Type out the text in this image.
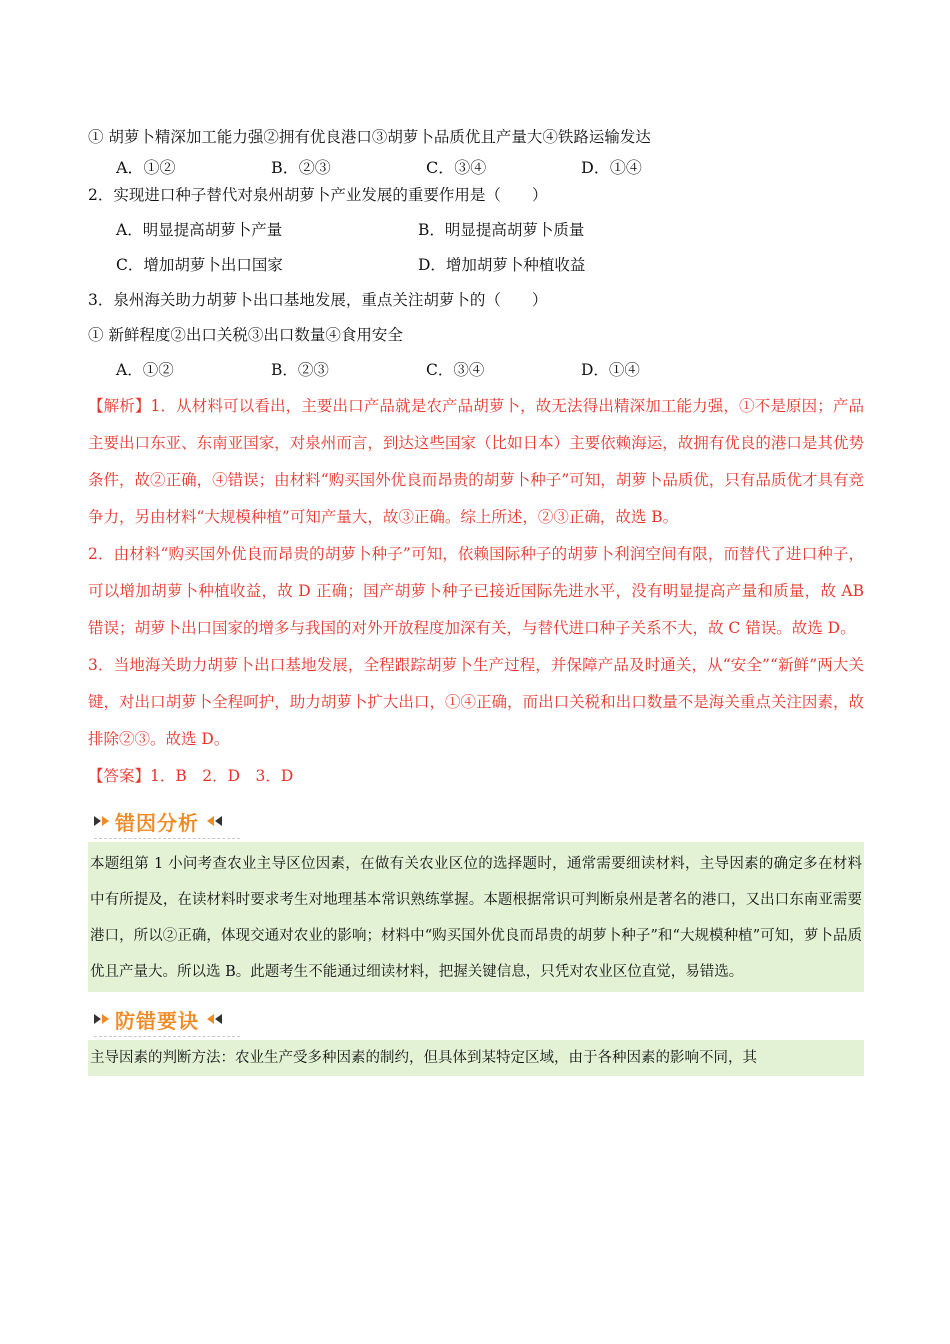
① 胡萝卜精深加工能力强②拥有优良港口③胡萝卜品质优且产量大④铁路运输发达
A．①②	B．②③	C．③④	D．①④
2．实现进口种子替代对泉州胡萝卜产业发展的重要作用是（　　）
A．明显提高胡萝卜产量	B．明显提高胡萝卜质量
C．增加胡萝卜出口国家	D．增加胡萝卜种植收益
3．泉州海关助力胡萝卜出口基地发展，重点关注胡萝卜的（　　）
① 新鲜程度②出口关税③出口数量④食用安全
A．①②	B．②③	C．③④	D．①④
【解析】1．从材料可以看出，主要出口产品就是农产品胡萝卜，故无法得出精深加工能力强，①不是原因；产品主要出口东亚、东南亚国家，对泉州而言，到达这些国家（比如日本）主要依赖海运，故拥有优良的港口是其优势条件，故②正确，④错误；由材料“购买国外优良而昂贵的胡萝卜种子”可知，胡萝卜品质优，只有品质优才具有竞争力，另由材料“大规模种植”可知产量大，故③正确。综上所述，②③正确，故选 B。
2．由材料“购买国外优良而昂贵的胡萝卜种子”可知，依赖国际种子的胡萝卜利润空间有限，而替代了进口种子，可以增加胡萝卜种植收益，故 D 正确；国产胡萝卜种子已接近国际先进水平，没有明显提高产量和质量，故 AB 错误；胡萝卜出口国家的增多与我国的对外开放程度加深有关，与替代进口种子关系不大，故 C 错误。故选 D。
3．当地海关助力胡萝卜出口基地发展，全程跟踪胡萝卜生产过程，并保障产品及时通关，从“安全”“新鲜”两大关键，对出口胡萝卜全程呵护，助力胡萝卜扩大出口，①④正确，而出口关税和出口数量不是海关重点关注因素，故排除②③。故选 D。
【答案】1．B　2．D　3．D
错因分析
本题组第 1 小问考查农业主导区位因素，在做有关农业区位的选择题时，通常需要细读材料，主导因素的确定多在材料中有所提及，在读材料时要求考生对地理基本常识熟练掌握。本题根据常识可判断泉州是著名的港口，又出口东南亚需要港口，所以②正确，体现交通对农业的影响；材料中“购买国外优良而昂贵的胡萝卜种子”和“大规模种植”可知，萝卜品质优且产量大。所以选 B。此题考生不能通过细读材料，把握关键信息，只凭对农业区位直觉，易错选。
防错要诀
主导因素的判断方法：农业生产受多种因素的制约，但具体到某特定区域，由于各种因素的影响不同，其
